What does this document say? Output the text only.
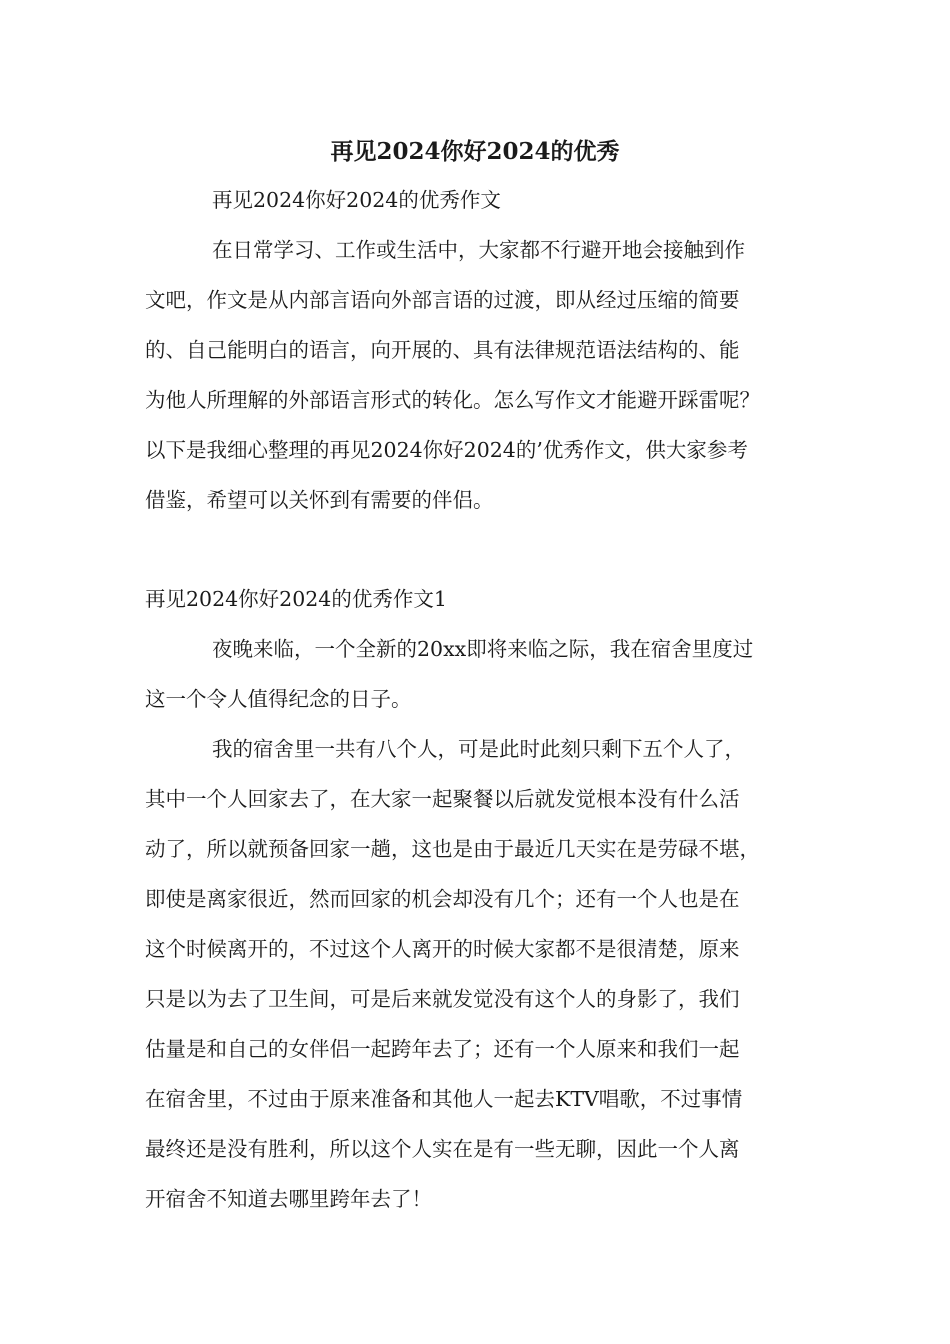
再见2024你好2024的优秀

再见2024你好2024的优秀作文

在日常学习、工作或生活中，大家都不行避开地会接触到作

文吧，作文是从内部言语向外部言语的过渡，即从经过压缩的简要

的、自己能明白的语言，向开展的、具有法律规范语法结构的、能

为他人所理解的外部语言形式的转化。怎么写作文才能避开踩雷呢？

以下是我细心整理的再见2024你好2024的’优秀作文，供大家参考

借鉴，希望可以关怀到有需要的伴侣。

再见2024你好2024的优秀作文1

夜晚来临，一个全新的20xx即将来临之际，我在宿舍里度过

这一个令人值得纪念的日子。

我的宿舍里一共有八个人，可是此时此刻只剩下五个人了，

其中一个人回家去了，在大家一起聚餐以后就发觉根本没有什么活

动了，所以就预备回家一趟，这也是由于最近几天实在是劳碌不堪，

即使是离家很近，然而回家的机会却没有几个；还有一个人也是在

这个时候离开的，不过这个人离开的时候大家都不是很清楚，原来

只是以为去了卫生间，可是后来就发觉没有这个人的身影了，我们

估量是和自己的女伴侣一起跨年去了；还有一个人原来和我们一起

在宿舍里，不过由于原来准备和其他人一起去KTV唱歌，不过事情

最终还是没有胜利，所以这个人实在是有一些无聊，因此一个人离

开宿舍不知道去哪里跨年去了！
